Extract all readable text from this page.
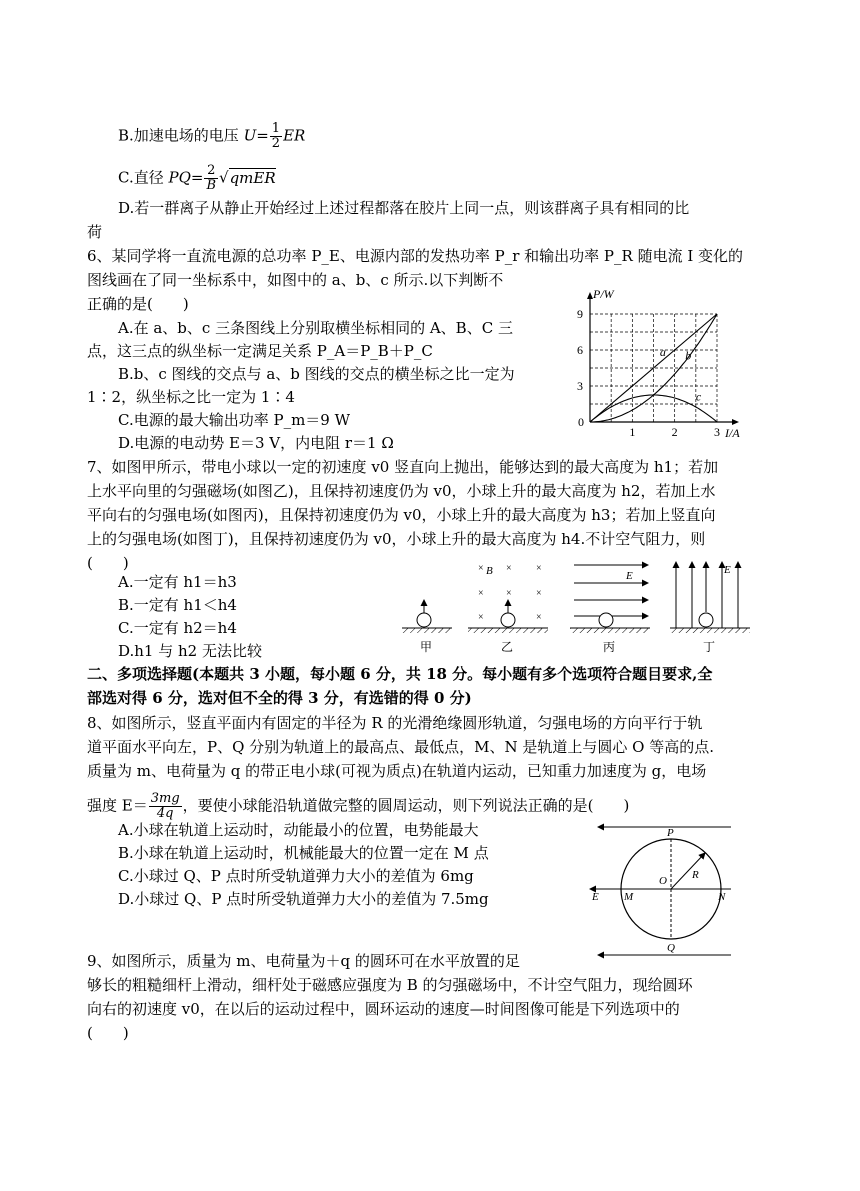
B.加速电场的电压 $U= \frac{1}{2}$ ER
C.直径 $PQ= \frac{2}{B}$ √qmER
D.若一群离子从静止开始经过上述过程都落在胶片上同一点，则该群离子具有相同的比
荷
6、某同学将一直流电源的总功率 P_E、电源内部的发热功率 P_r 和输出功率 P_R 随电流 I 变化的
图线画在了同一坐标系中，如图中的 a、b、c 所示.以下判断不
正确的是(　　)
A.在 a、b、c 三条图线上分别取横坐标相同的 A、B、C 三
点，这三点的纵坐标一定满足关系 P_A＝P_B＋P_C
B.b、c 图线的交点与 a、b 图线的交点的横坐标之比一定为
1∶2，纵坐标之比一定为 1∶4
C.电源的最大输出功率 P_m＝9 W
D.电源的电动势 E＝3 V，内电阻 r＝1 Ω
0
1	2	3
3
6
9
P/W
I/A
a b
c
7、如图甲所示，带电小球以一定的初速度 v0 竖直向上抛出，能够达到的最大高度为 h1；若加
上水平向里的匀强磁场(如图乙)，且保持初速度仍为 v0，小球上升的最大高度为 h2，若加上水
平向右的匀强电场(如图丙)，且保持初速度仍为 v0，小球上升的最大高度为 h3；若加上竖直向
上的匀强电场(如图丁)，且保持初速度仍为 v0，小球上升的最大高度为 h4.不计空气阻力，则
(　　)
A.一定有 h1＝h3
B.一定有 h1＜h4
C.一定有 h2＝h4
D.h1 与 h2 无法比较
× × ×
× × ×
×	×
B	E	E
甲	乙	丙	丁
二、多项选择题(本题共 3 小题，每小题 6 分，共 18 分。每小题有多个选项符合题目要求,全
部选对得 6 分，选对但不全的得 3 分，有选错的得 0 分)
8、如图所示，竖直平面内有固定的半径为 R 的光滑绝缘圆形轨道，匀强电场的方向平行于轨
道平面水平向左，P、Q 分别为轨道上的最高点、最低点，M、N 是轨道上与圆心 O 等高的点.
质量为 m、电荷量为 q 的带正电小球(可视为质点)在轨道内运动，已知重力加速度为 g，电场
强度 $E= \frac{3mg}{4q}$ ，要使小球能沿轨道做完整的圆周运动，则下列说法正确的是(　　)
A.小球在轨道上运动时，动能最小的位置，电势能最大
B.小球在轨道上运动时，机械能最大的位置一定在 M 点
C.小球过 Q、P 点时所受轨道弹力大小的差值为 6mg
D.小球过 Q、P 点时所受轨道弹力大小的差值为 7.5mg
P
Q
M	N
O R
E
9、如图所示，质量为 m、电荷量为＋q 的圆环可在水平放置的足
够长的粗糙细杆上滑动，细杆处于磁感应强度为 B 的匀强磁场中，不计空气阻力，现给圆环
向右的初速度 v0，在以后的运动过程中，圆环运动的速度—时间图像可能是下列选项中的
(　　)
